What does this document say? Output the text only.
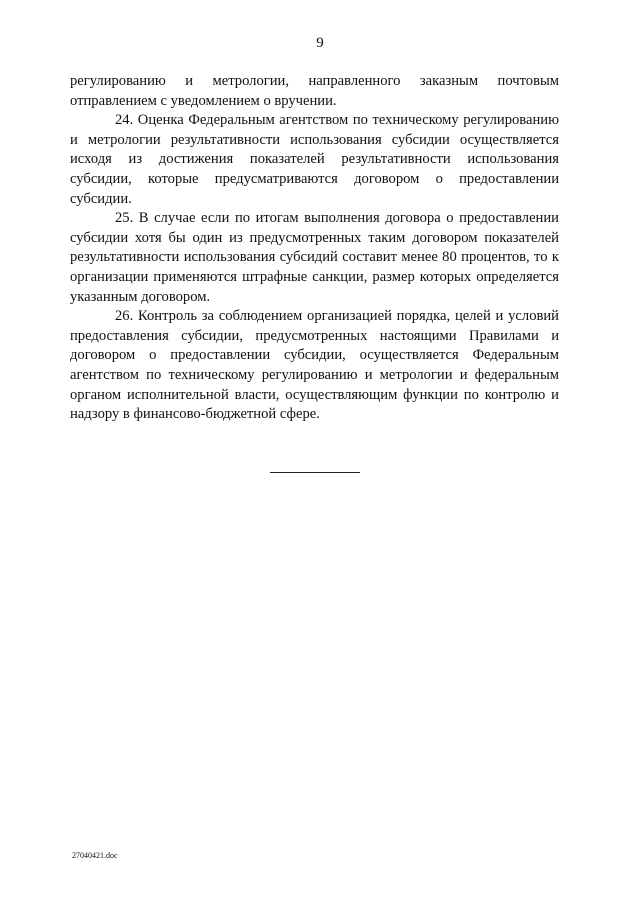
9

регулированию и метрологии, направленного заказным почтовым отправлением с уведомлением о вручении.

24. Оценка Федеральным агентством по техническому регулированию и метрологии результативности использования субсидии осуществляется исходя из достижения показателей результативности использования субсидии, которые предусматриваются договором о предоставлении субсидии.

25. В случае если по итогам выполнения договора о предоставлении субсидии хотя бы один из предусмотренных таким договором показателей результативности использования субсидий составит менее 80 процентов, то к организации применяются штрафные санкции, размер которых определяется указанным договором.

26. Контроль за соблюдением организацией порядка, целей и условий предоставления субсидии, предусмотренных настоящими Правилами и договором о предоставлении субсидии, осуществляется Федеральным агентством по техническому регулированию и метрологии и федеральным органом исполнительной власти, осуществляющим функции по контролю и надзору в финансово-бюджетной сфере.

27040421.doc
